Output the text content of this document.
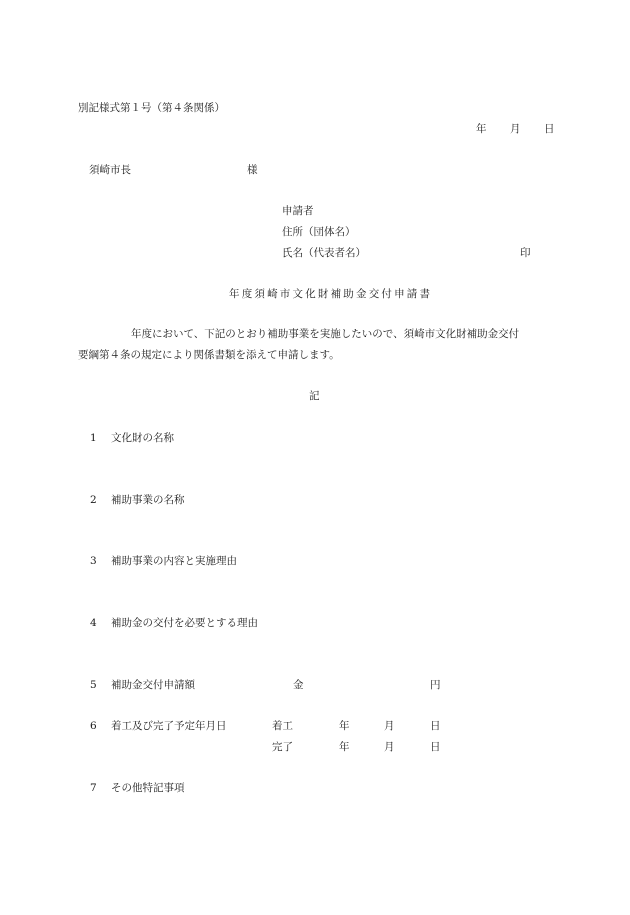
別記様式第１号（第４条関係）
年 月 日
須崎市長	様
申請者
住所（団体名）
氏名（代表者名）	印
年度須崎市文化財補助金交付申請書
年度において、下記のとおり補助事業を実施したいので、須崎市文化財補助金交付
要綱第４条の規定により関係書類を添えて申請します。
記
1 文化財の名称
2 補助事業の名称
3 補助事業の内容と実施理由
4 補助金の交付を必要とする理由
5 補助金交付申請額	金	円
6 着工及び完了予定年月日	着工	年	月	日
完了	年	月	日
7 その他特記事項
